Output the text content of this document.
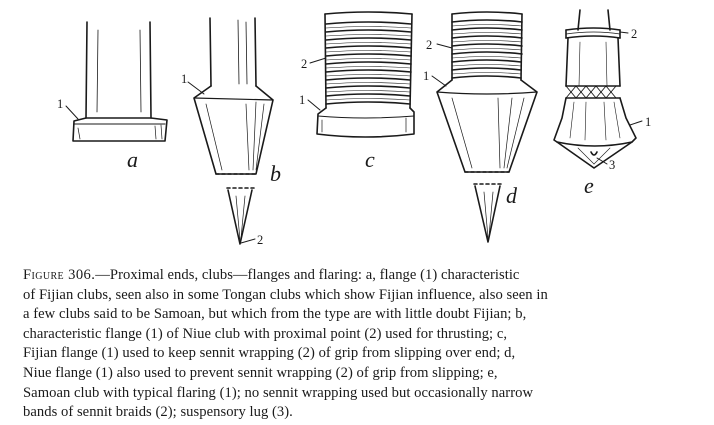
a
1
b
1
2
c
2
1
d
2
1
e
2
1
3
Figure 306.—Proximal ends, clubs—flanges and flaring: a, flange (1) characteristic
of Fijian clubs, seen also in some Tongan clubs which show Fijian influence, also seen in
a few clubs said to be Samoan, but which from the type are with little doubt Fijian; b,
characteristic flange (1) of Niue club with proximal point (2) used for thrusting; c,
Fijian flange (1) used to keep sennit wrapping (2) of grip from slipping over end; d,
Niue flange (1) also used to prevent sennit wrapping (2) of grip from slipping; e,
Samoan club with typical flaring (1); no sennit wrapping used but occasionally narrow
bands of sennit braids (2); suspensory lug (3).
